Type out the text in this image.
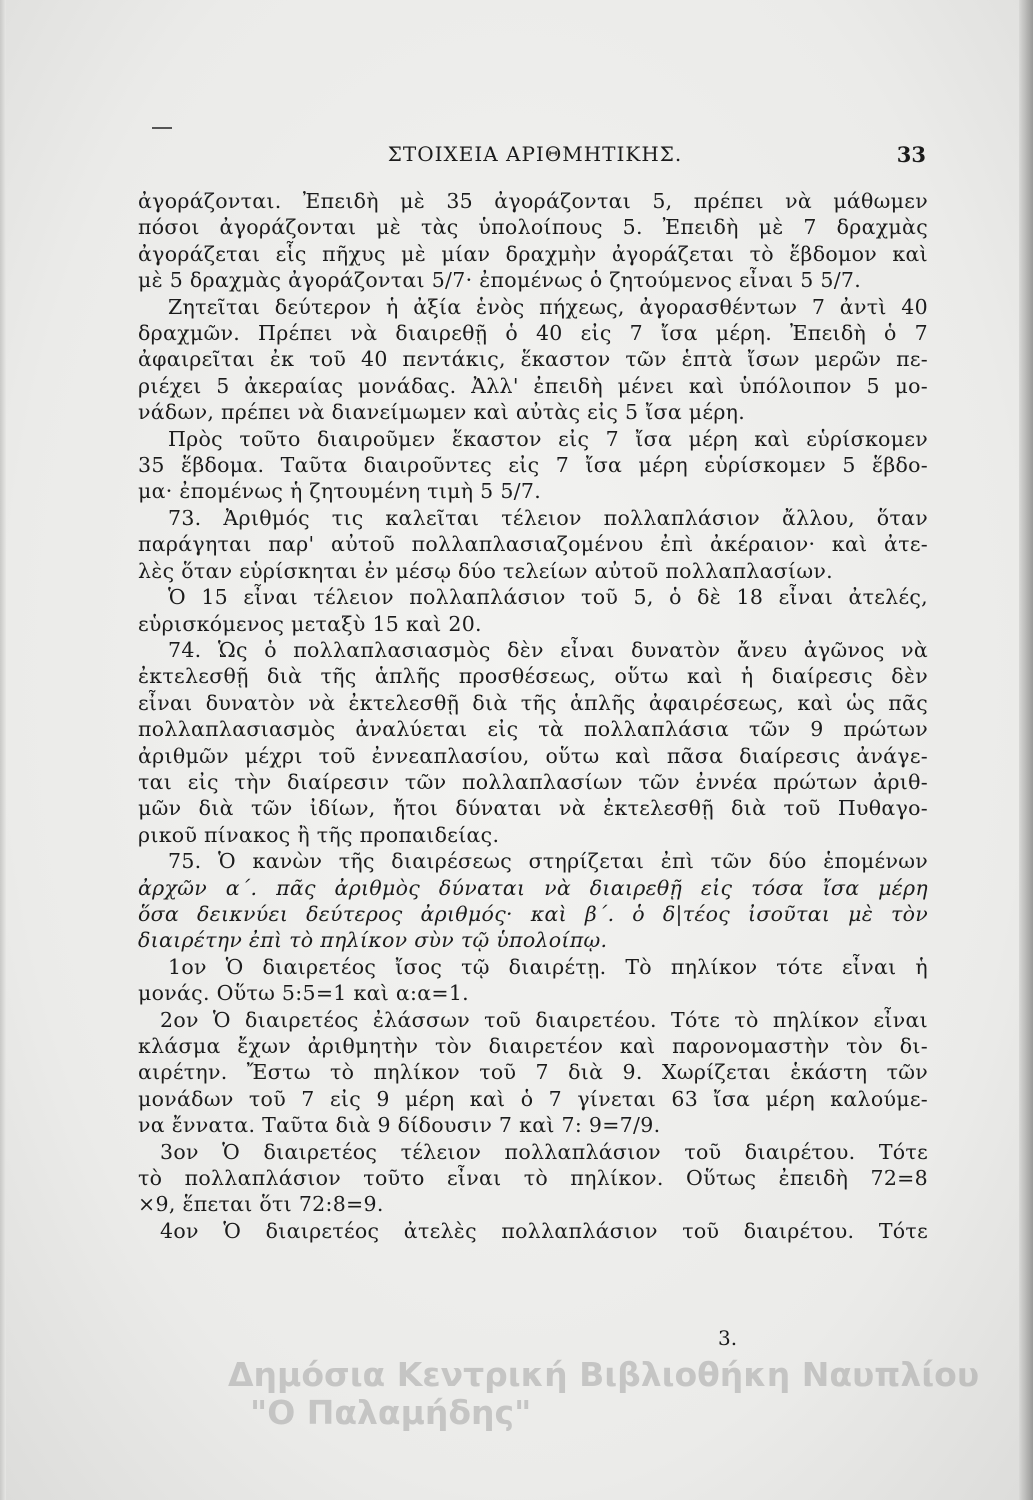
ΣΤΟΙΧΕΙΑ ΑΡΙΘΜΗΤΙΚΗΣ.	33
ἀγοράζονται. Ἐπειδὴ μὲ 35 ἀγοράζονται 5, πρέπει νὰ μάθωμεν
πόσοι ἀγοράζονται μὲ τὰς ὑπολοίπους 5. Ἐπειδὴ μὲ 7 δραχμὰς
ἀγοράζεται εἷς πῆχυς μὲ μίαν δραχμὴν ἀγοράζεται τὸ ἕβδομον καὶ
μὲ 5 δραχμὰς ἀγοράζονται 5/7· ἐπομένως ὁ ζητούμενος εἶναι 5 5/7.
Ζητεῖται δεύτερον ἡ ἀξία ἑνὸς πήχεως, ἀγορασθέντων 7 ἀντὶ 40
δραχμῶν. Πρέπει νὰ διαιρεθῇ ὁ 40 εἰς 7 ἴσα μέρη. Ἐπειδὴ ὁ 7
ἀφαιρεῖται ἐκ τοῦ 40 πεντάκις, ἕκαστον τῶν ἑπτὰ ἴσων μερῶν πε-
ριέχει 5 ἀκεραίας μονάδας. Ἀλλ' ἐπειδὴ μένει καὶ ὑπόλοιπον 5 μο-
νάδων, πρέπει νὰ διανείμωμεν καὶ αὐτὰς εἰς 5 ἴσα μέρη.
Πρὸς τοῦτο διαιροῦμεν ἕκαστον εἰς 7 ἴσα μέρη καὶ εὑρίσκομεν
35 ἕβδομα. Ταῦτα διαιροῦντες εἰς 7 ἴσα μέρη εὑρίσκομεν 5 ἕβδο-
μα· ἐπομένως ἡ ζητουμένη τιμὴ 5 5/7.
73. Ἀριθμός τις καλεῖται τέλειον πολλαπλάσιον ἄλλου, ὅταν
παράγηται παρ' αὐτοῦ πολλαπλασιαζομένου ἐπὶ ἀκέραιον· καὶ ἀτε-
λὲς ὅταν εὑρίσκηται ἐν μέσῳ δύο τελείων αὐτοῦ πολλαπλασίων.
Ὁ 15 εἶναι τέλειον πολλαπλάσιον τοῦ 5, ὁ δὲ 18 εἶναι ἀτελές,
εὑρισκόμενος μεταξὺ 15 καὶ 20.
74. Ὡς ὁ πολλαπλασιασμὸς δὲν εἶναι δυνατὸν ἄνευ ἀγῶνος νὰ
ἐκτελεσθῇ διὰ τῆς ἁπλῆς προσθέσεως, οὕτω καὶ ἡ διαίρεσις δὲν
εἶναι δυνατὸν νὰ ἐκτελεσθῇ διὰ τῆς ἁπλῆς ἀφαιρέσεως, καὶ ὡς πᾶς
πολλαπλασιασμὸς ἀναλύεται εἰς τὰ πολλαπλάσια τῶν 9 πρώτων
ἀριθμῶν μέχρι τοῦ ἐννεαπλασίου, οὕτω καὶ πᾶσα διαίρεσις ἀνάγε-
ται εἰς τὴν διαίρεσιν τῶν πολλαπλασίων τῶν ἐννέα πρώτων ἀριθ-
μῶν διὰ τῶν ἰδίων, ἤτοι δύναται νὰ ἐκτελεσθῇ διὰ τοῦ Πυθαγο-
ρικοῦ πίνακος ἢ τῆς προπαιδείας.
75. Ὁ κανὼν τῆς διαιρέσεως στηρίζεται ἐπὶ τῶν δύο ἑπομένων
ἀρχῶν α΄. πᾶς ἀριθμὸς δύναται νὰ διαιρεθῇ εἰς τόσα ἴσα μέρη
ὅσα δεικνύει δεύτερος ἀριθμός· καὶ β΄. ὁ δ|τέος ἰσοῦται μὲ τὸν
διαιρέτην ἐπὶ τὸ πηλίκον σὺν τῷ ὑπολοίπῳ.
1ον Ὁ διαιρετέος ἴσος τῷ διαιρέτῃ. Τὸ πηλίκον τότε εἶναι ἡ
μονάς. Οὕτω 5:5=1 καὶ α:α=1.
2ον Ὁ διαιρετέος ἐλάσσων τοῦ διαιρετέου. Τότε τὸ πηλίκον εἶναι
κλάσμα ἔχων ἀριθμητὴν τὸν διαιρετέον καὶ παρονομαστὴν τὸν δι-
αιρέτην. Ἔστω τὸ πηλίκον τοῦ 7 διὰ 9. Χωρίζεται ἑκάστη τῶν
μονάδων τοῦ 7 εἰς 9 μέρη καὶ ὁ 7 γίνεται 63 ἴσα μέρη καλούμε-
να ἔννατα. Ταῦτα διὰ 9 δίδουσιν 7 καὶ 7: 9=7/9.
3ον Ὁ διαιρετέος τέλειον πολλαπλάσιον τοῦ διαιρέτου. Τότε
τὸ πολλαπλάσιον τοῦτο εἶναι τὸ πηλίκον. Οὕτως ἐπειδὴ 72=8
×9, ἕπεται ὅτι 72:8=9.
4ον Ὁ διαιρετέος ἀτελὲς πολλαπλάσιον τοῦ διαιρέτου. Τότε
3.
Δημόσια Κεντρική Βιβλιοθήκη Ναυπλίου
"Ο Παλαμήδης"
